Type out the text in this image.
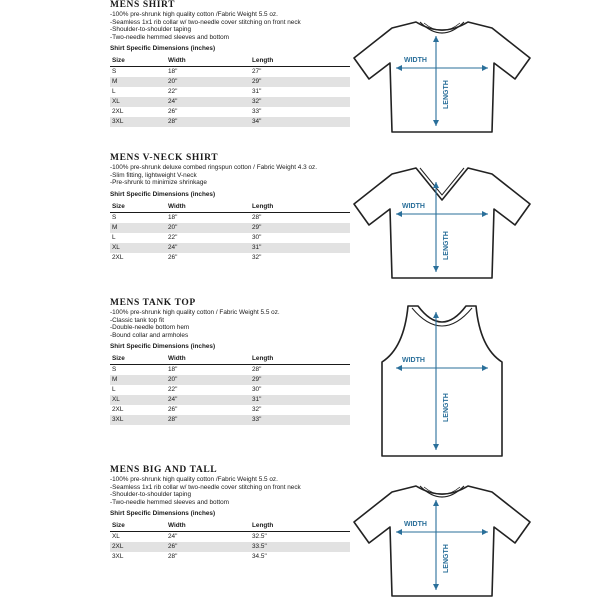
MENS SHIRT
-100% pre-shrunk high quality cotton /Fabric Weight 5.5 oz.
-Seamless 1x1 rib collar w/ two-needle cover stitching on front neck
-Shoulder-to-shoulder taping
-Two-needle hemmed sleeves and bottom
Shirt Specific Dimensions (inches)
Size	Width	Length
S	18"	27"
M	20"	29"
L	22"	31"
XL	24"	32"
2XL	26"	33"
3XL	28"	34"
MENS V-NECK SHIRT
-100% pre-shrunk deluxe combed ringspun cotton / Fabric Weight 4.3 oz.
-Slim fitting, lightweight V-neck
-Pre-shrunk to minimize shrinkage
Shirt Specific Dimensions (inches)
Size	Width	Length
S	18"	28"
M	20"	29"
L	22"	30"
XL	24"	31"
2XL	26"	32"
MENS TANK TOP
-100% pre-shrunk high quality cotton / Fabric Weight 5.5 oz.
-Classic tank top fit
-Double-needle bottom hem
-Bound collar and armholes
Shirt Specific Dimensions (inches)
Size	Width	Length
S	18"	28"
M	20"	29"
L	22"	30"
XL	24"	31"
2XL	26"	32"
3XL	28"	33"
MENS BIG AND TALL
-100% pre-shrunk high quality cotton /Fabric Weight 5.5 oz.
-Seamless 1x1 rib collar w/ two-needle cover stitching on front neck
-Shoulder-to-shoulder taping
-Two-needle hemmed sleeves and bottom
Shirt Specific Dimensions (inches)
Size	Width	Length
XL	24"	32.5"
2XL	26"	33.5"
3XL	28"	34.5"
WIDTH
LENGTH
WIDTH
LENGTH
WIDTH
LENGTH
WIDTH
LENGTH
